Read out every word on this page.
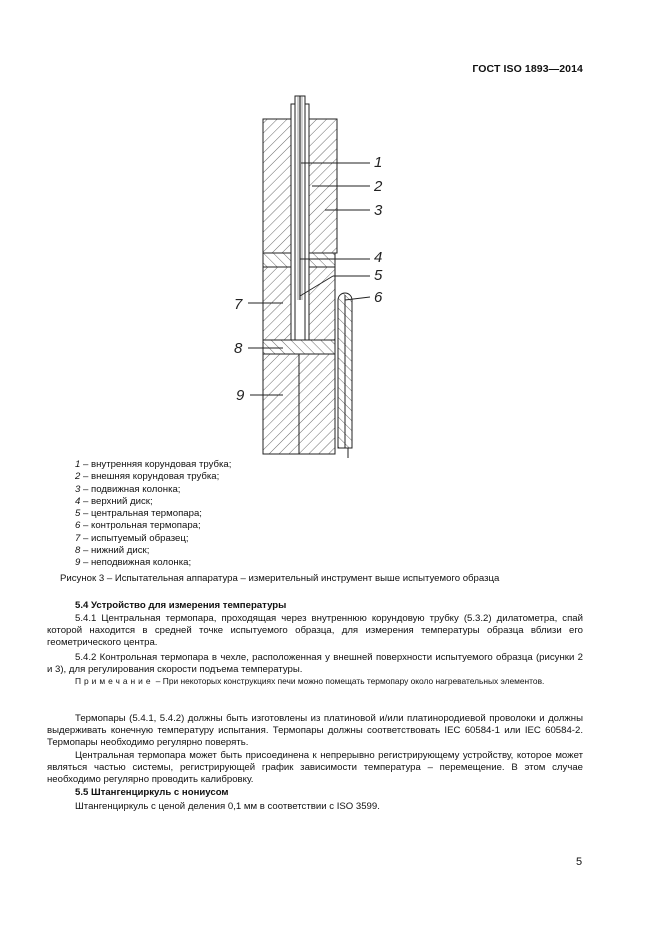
ГОСТ ISO 1893—2014
1
2
3
4
5
6
7
8
9
1 – внутренняя корундовая трубка;
2 – внешняя корундовая трубка;
3 – подвижная колонка;
4 – верхний диск;
5 – центральная термопара;
6 – контрольная термопара;
7 – испытуемый образец;
8 – нижний диск;
9 – неподвижная колонка;
Рисунок 3 – Испытательная аппаратура – измерительный инструмент выше испытуемого образца
5.4 Устройство для измерения температуры
5.4.1 Центральная термопара, проходящая через внутреннюю корундовую трубку (5.3.2) дилатометра, спай которой находится в средней точке испытуемого образца, для измерения температуры образца вблизи его геометрического центра.
5.4.2 Контрольная термопара в чехле, расположенная у внешней поверхности испытуемого образца (рисунки 2 и 3), для регулирования скорости подъема температуры.
Примечание – При некоторых конструкциях печи можно помещать термопару около нагревательных элементов.
Термопары (5.4.1, 5.4.2) должны быть изготовлены из платиновой и/или платинородиевой проволоки и должны выдерживать конечную температуру испытания. Термопары должны соответствовать IEC 60584-1 или IEC 60584-2. Термопары необходимо регулярно поверять.
Центральная термопара может быть присоединена к непрерывно регистрирующему устройству, которое может являться частью системы, регистрирующей график зависимости температура – перемещение. В этом случае необходимо регулярно проводить калибровку.
5.5 Штангенциркуль с нониусом
Штангенциркуль с ценой деления 0,1 мм в соответствии с ISO 3599.
5
